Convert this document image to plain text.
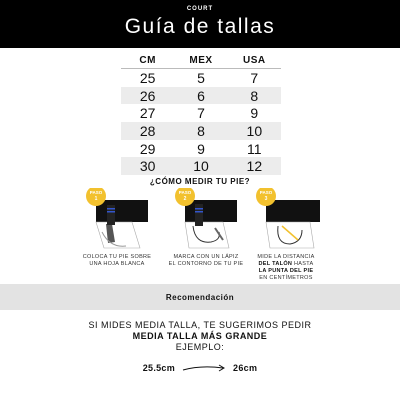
COURT
Guía de tallas
CM	MEX	USA
25	5	7
26	6	8
27	7	9
28	8	10
29	9	11
30	10	12
¿CÓMO MEDIR TU PIE?
PASO
1
COLOCA TU PIE SOBRE
UNA HOJA BLANCA
PASO
2
MARCA CON UN LÁPIZ
EL CONTORNO DE TU PIE
PASO
3
MIDE LA DISTANCIA
DEL TALÓN HASTA
LA PUNTA DEL PIE
EN CENTÍMETROS
Recomendación
SI MIDES MEDIA TALLA, TE SUGERIMOS PEDIR
MEDIA TALLA MÁS GRANDE
EJEMPLO:
25.5cm	26cm
